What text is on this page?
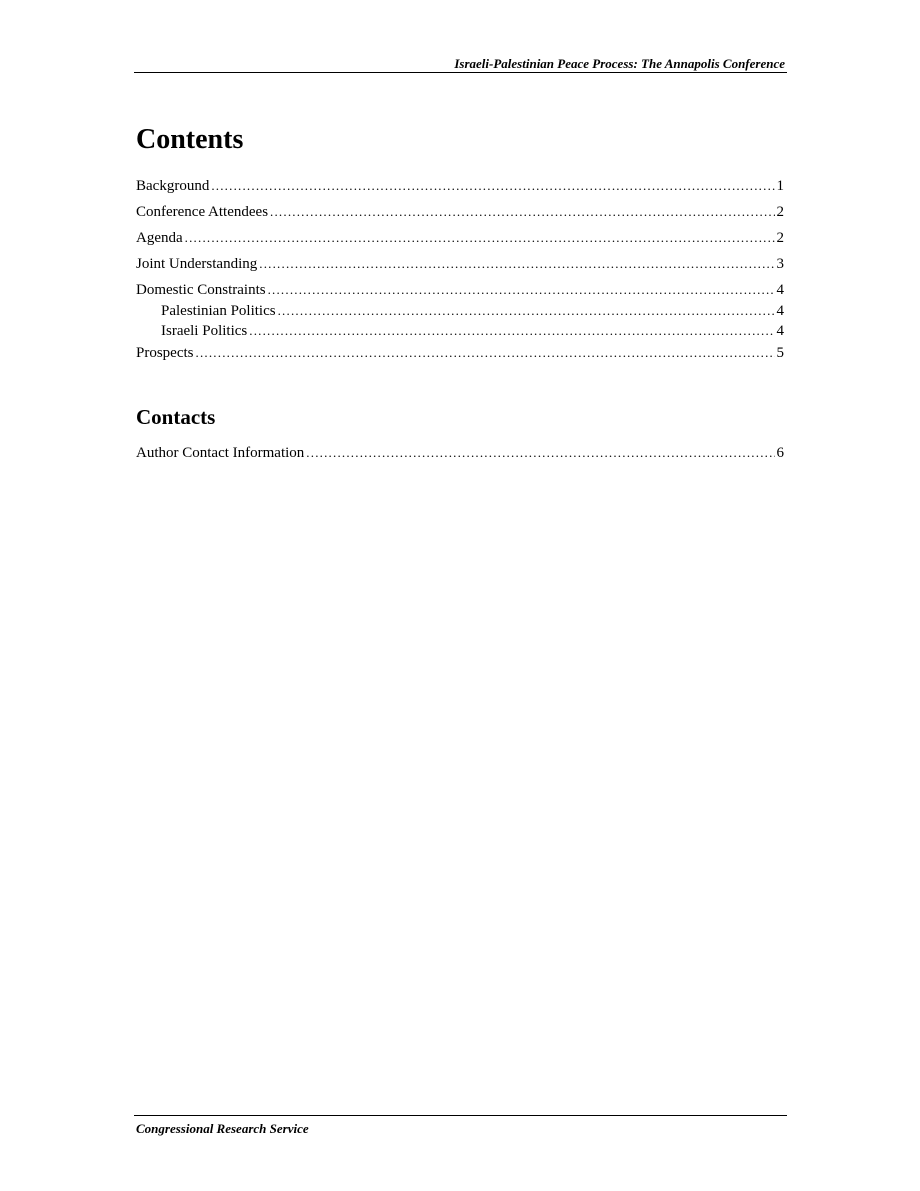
Israeli-Palestinian Peace Process: The Annapolis Conference
Contents
Background .....	1
Conference Attendees .....	2
Agenda .....	2
Joint Understanding .....	3
Domestic Constraints .....	4
Palestinian Politics .....	4
Israeli Politics .....	4
Prospects .....	5
Contacts
Author Contact Information .....	6
Congressional Research Service
